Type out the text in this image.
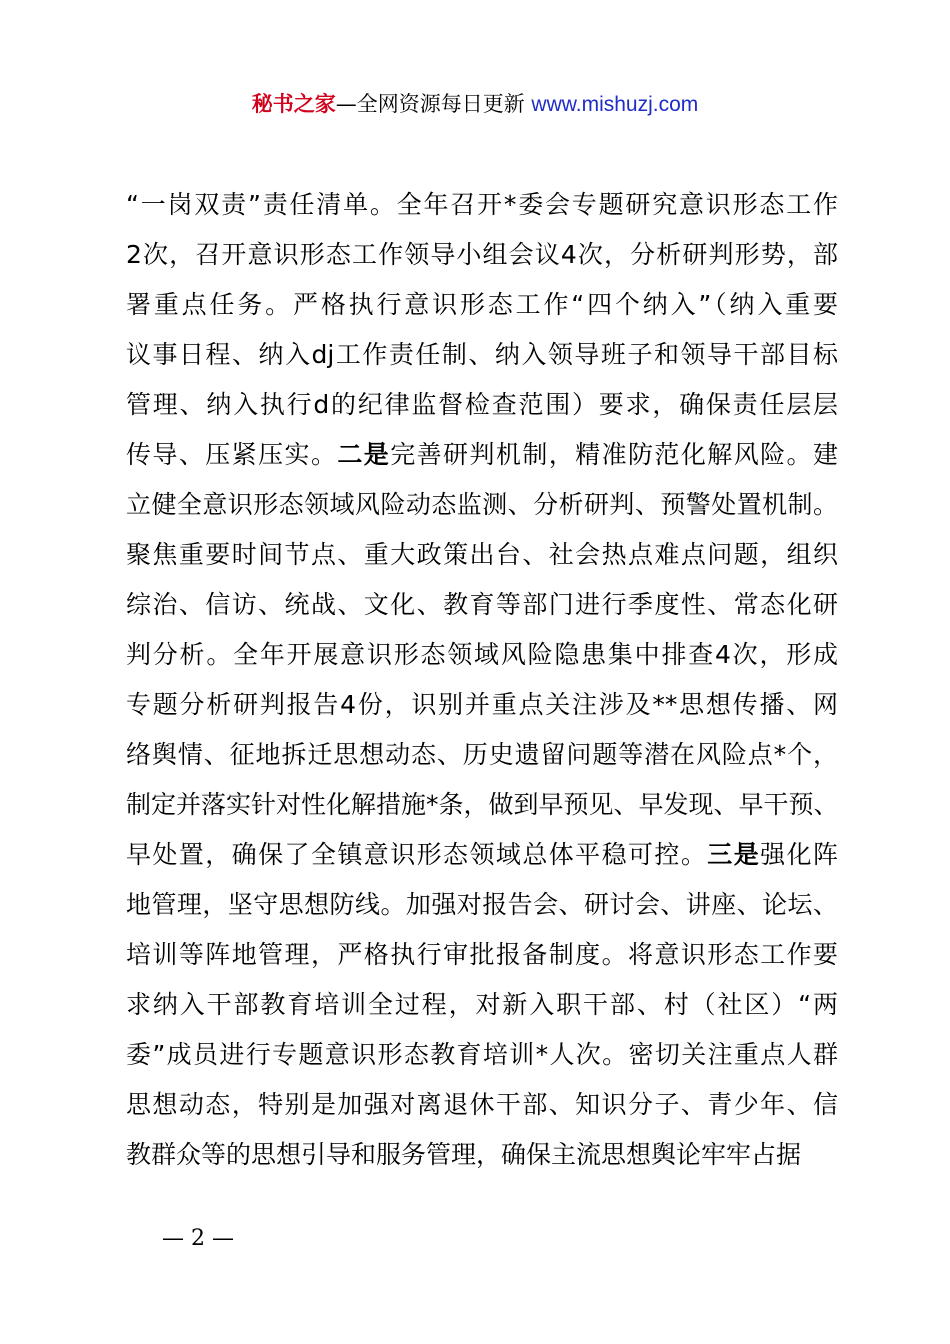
秘书之家—全网资源每日更新 www.mishuzj.com
“一岗双责”责任清单。全年召开*委会专题研究意识形态工作
2次，召开意识形态工作领导小组会议4次，分析研判形势，部
署重点任务。严格执行意识形态工作“四个纳入”（纳入重要
议事日程、纳入dj工作责任制、纳入领导班子和领导干部目标
管理、纳入执行d的纪律监督检查范围）要求，确保责任层层
传导、压紧压实。二是完善研判机制，精准防范化解风险。建
立健全意识形态领域风险动态监测、分析研判、预警处置机制。
聚焦重要时间节点、重大政策出台、社会热点难点问题，组织
综治、信访、统战、文化、教育等部门进行季度性、常态化研
判分析。全年开展意识形态领域风险隐患集中排查4次，形成
专题分析研判报告4份，识别并重点关注涉及**思想传播、网
络舆情、征地拆迁思想动态、历史遗留问题等潜在风险点*个，
制定并落实针对性化解措施*条，做到早预见、早发现、早干预、
早处置，确保了全镇意识形态领域总体平稳可控。三是强化阵
地管理，坚守思想防线。加强对报告会、研讨会、讲座、论坛、
培训等阵地管理，严格执行审批报备制度。将意识形态工作要
求纳入干部教育培训全过程，对新入职干部、村（社区）“两
委”成员进行专题意识形态教育培训*人次。密切关注重点人群
思想动态，特别是加强对离退休干部、知识分子、青少年、信
教群众等的思想引导和服务管理，确保主流思想舆论牢牢占据
— 2 —
